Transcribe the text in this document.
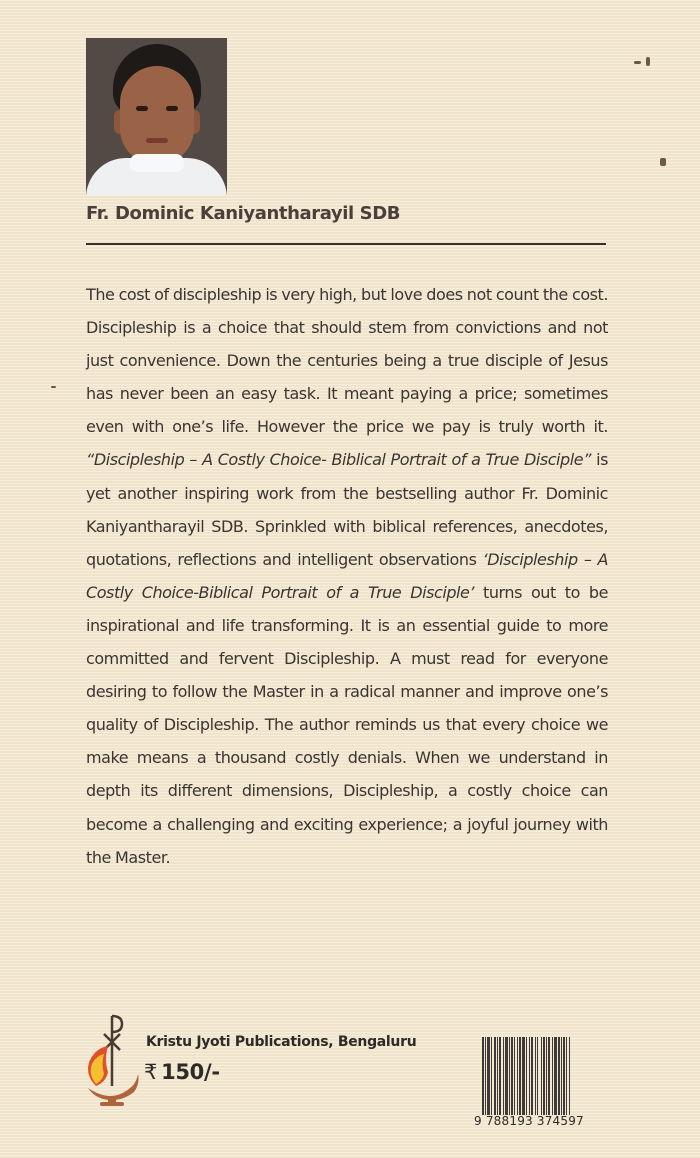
Fr. Dominic Kaniyantharayil SDB
The cost of discipleship is very high, but love does not count the cost. Discipleship is a choice that should stem from convictions and not just convenience. Down the centuries being a true disciple of Jesus has never been an easy task. It meant paying a price; sometimes even with one’s life. However the price we pay is truly worth it. “Discipleship – A Costly Choice- Biblical Portrait of a True Disciple” is yet another inspiring work from the bestselling author Fr. Dominic Kaniyantharayil SDB. Sprinkled with biblical references, anecdotes, quotations, reflections and intelligent observations ‘Discipleship – A Costly Choice-Biblical Portrait of a True Disciple’ turns out to be inspirational and life transforming. It is an essential guide to more committed and fervent Discipleship. A must read for everyone desiring to follow the Master in a radical manner and improve one’s quality of Discipleship. The author reminds us that every choice we make means a thousand costly denials. When we understand in depth its different dimensions, Discipleship, a costly choice can become a challenging and exciting experience; a joyful journey with the Master.
Kristu Jyoti Publications, Bengaluru
₹ 150/-
9 788193 374597
